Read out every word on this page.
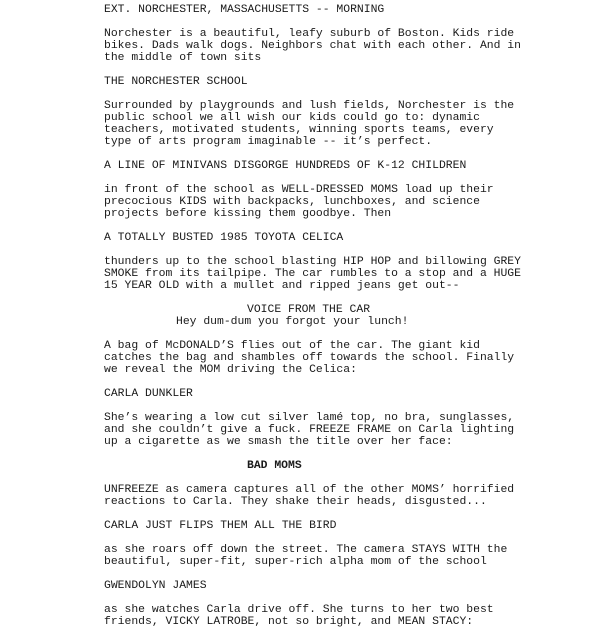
EXT. NORCHESTER, MASSACHUSETTS -- MORNING
Norchester is a beautiful, leafy suburb of Boston. Kids ride
bikes. Dads walk dogs. Neighbors chat with each other. And in
the middle of town sits
THE NORCHESTER SCHOOL
Surrounded by playgrounds and lush fields, Norchester is the
public school we all wish our kids could go to: dynamic
teachers, motivated students, winning sports teams, every
type of arts program imaginable -- it’s perfect.
A LINE OF MINIVANS DISGORGE HUNDREDS OF K-12 CHILDREN
in front of the school as WELL-DRESSED MOMS load up their
precocious KIDS with backpacks, lunchboxes, and science
projects before kissing them goodbye. Then
A TOTALLY BUSTED 1985 TOYOTA CELICA
thunders up to the school blasting HIP HOP and billowing GREY
SMOKE from its tailpipe. The car rumbles to a stop and a HUGE
15 YEAR OLD with a mullet and ripped jeans get out--
VOICE FROM THE CAR
Hey dum-dum you forgot your lunch!
A bag of McDONALD’S flies out of the car. The giant kid
catches the bag and shambles off towards the school. Finally
we reveal the MOM driving the Celica:
CARLA DUNKLER
She’s wearing a low cut silver lamé top, no bra, sunglasses,
and she couldn’t give a fuck. FREEZE FRAME on Carla lighting
up a cigarette as we smash the title over her face:
BAD MOMS
UNFREEZE as camera captures all of the other MOMS’ horrified
reactions to Carla. They shake their heads, disgusted...
CARLA JUST FLIPS THEM ALL THE BIRD
as she roars off down the street. The camera STAYS WITH the
beautiful, super-fit, super-rich alpha mom of the school
GWENDOLYN JAMES
as she watches Carla drive off. She turns to her two best
friends, VICKY LATROBE, not so bright, and MEAN STACY:
